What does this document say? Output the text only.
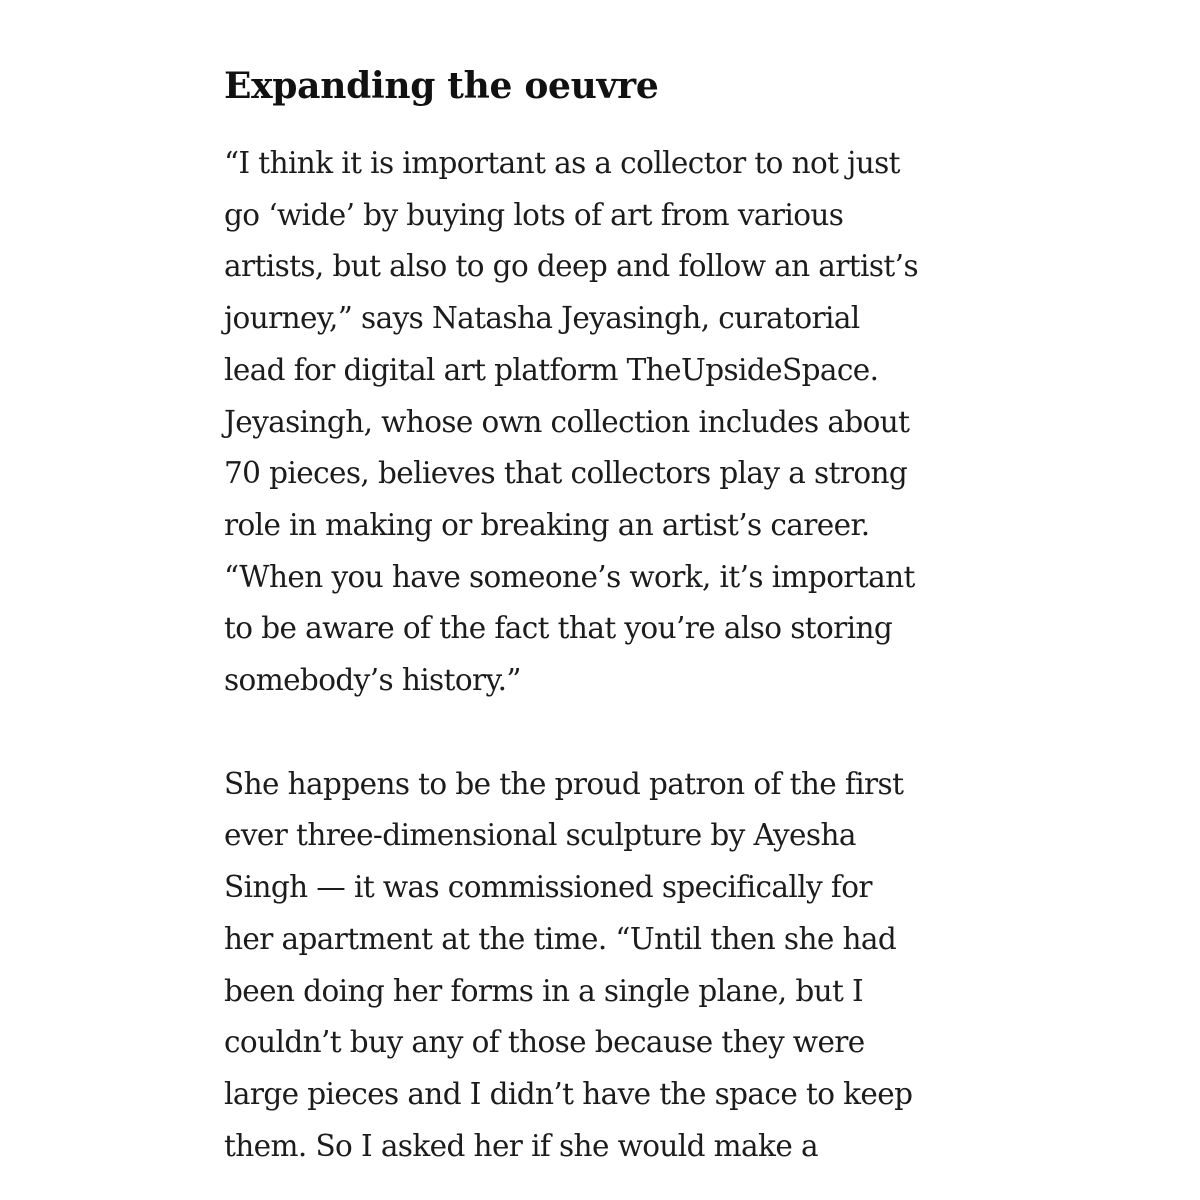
Expanding the oeuvre

“I think it is important as a collector to not just
go ‘wide’ by buying lots of art from various
artists, but also to go deep and follow an artist’s
journey,” says Natasha Jeyasingh, curatorial
lead for digital art platform TheUpsideSpace.
Jeyasingh, whose own collection includes about
70 pieces, believes that collectors play a strong
role in making or breaking an artist’s career.
“When you have someone’s work, it’s important
to be aware of the fact that you’re also storing
somebody’s history.”

She happens to be the proud patron of the first
ever three-dimensional sculpture by Ayesha
Singh — it was commissioned specifically for
her apartment at the time. “Until then she had
been doing her forms in a single plane, but I
couldn’t buy any of those because they were
large pieces and I didn’t have the space to keep
them. So I asked her if she would make a
